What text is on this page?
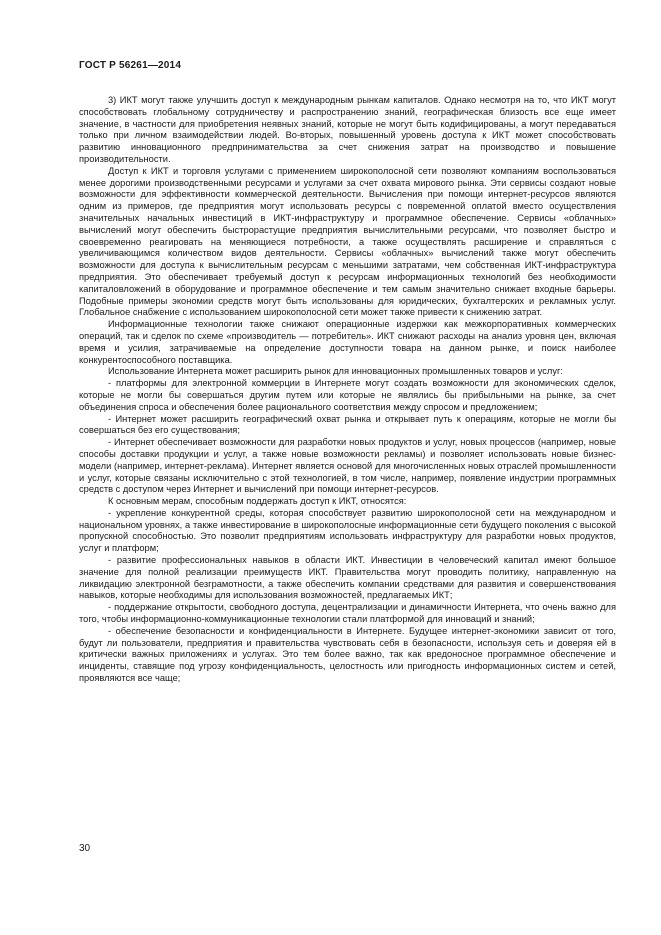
ГОСТ Р 56261—2014

3) ИКТ могут также улучшить доступ к международным рынкам капиталов. Однако несмотря на то, что ИКТ могут способствовать глобальному сотрудничеству и распространению знаний, географическая близость все еще имеет значение, в частности для приобретения неявных знаний, которые не могут быть кодифицированы, а могут передаваться только при личном взаимодействии людей. Во-вторых, повышенный уровень доступа к ИКТ может способствовать развитию инновационного предпринимательства за счет снижения затрат на производство и повышение производительности.

Доступ к ИКТ и торговля услугами с применением широкополосной сети позволяют компаниям воспользоваться менее дорогими производственными ресурсами и услугами за счет охвата мирового рынка. Эти сервисы создают новые возможности для эффективности коммерческой деятельности. Вычисления при помощи интернет-ресурсов являются одним из примеров, где предприятия могут использовать ресурсы с повременной оплатой вместо осуществления значительных начальных инвестиций в ИКТ-инфраструктуру и программное обеспечение. Сервисы «облачных» вычислений могут обеспечить быстрорастущие предприятия вычислительными ресурсами, что позволяет быстро и своевременно реагировать на меняющиеся потребности, а также осуществлять расширение и справляться с увеличивающимся количеством видов деятельности. Сервисы «облачных» вычислений также могут обеспечить возможности для доступа к вычислительным ресурсам с меньшими затратами, чем собственная ИКТ-инфраструктура предприятия. Это обеспечивает требуемый доступ к ресурсам информационных технологий без необходимости капиталовложений в оборудование и программное обеспечение и тем самым значительно снижает входные барьеры. Подобные примеры экономии средств могут быть использованы для юридических, бухгалтерских и рекламных услуг. Глобальное снабжение с использованием широкополосной сети может также привести к снижению затрат.

Информационные технологии также снижают операционные издержки как межкорпоративных коммерческих операций, так и сделок по схеме «производитель — потребитель». ИКТ снижают расходы на анализ уровня цен, включая время и усилия, затрачиваемые на определение доступности товара на данном рынке, и поиск наиболее конкурентоспособного поставщика.

Использование Интернета может расширить рынок для инновационных промышленных товаров и услуг:

- платформы для электронной коммерции в Интернете могут создать возможности для экономических сделок, которые не могли бы совершаться другим путем или которые не являлись бы прибыльными на рынке, за счет объединения спроса и обеспечения более рационального соответствия между спросом и предложением;

- Интернет может расширить географический охват рынка и открывает путь к операциям, которые не могли бы совершаться без его существования;

- Интернет обеспечивает возможности для разработки новых продуктов и услуг, новых процессов (например, новые способы доставки продукции и услуг, а также новые возможности рекламы) и позволяет использовать новые бизнес-модели (например, интернет-реклама). Интернет является основой для многочисленных новых отраслей промышленности и услуг, которые связаны исключительно с этой технологией, в том числе, например, появление индустрии программных средств с доступом через Интернет и вычислений при помощи интернет-ресурсов.

К основным мерам, способным поддержать доступ к ИКТ, относятся:

- укрепление конкурентной среды, которая способствует развитию широкополосной сети на международном и национальном уровнях, а также инвестирование в широкополосные информационные сети будущего поколения с высокой пропускной способностью. Это позволит предприятиям использовать инфраструктуру для разработки новых продуктов, услуг и платформ;

- развитие профессиональных навыков в области ИКТ. Инвестиции в человеческий капитал имеют большое значение для полной реализации преимуществ ИКТ. Правительства могут проводить политику, направленную на ликвидацию электронной безграмотности, а также обеспечить компании средствами для развития и совершенствования навыков, которые необходимы для использования возможностей, предлагаемых ИКТ;

- поддержание открытости, свободного доступа, децентрализации и динамичности Интернета, что очень важно для того, чтобы информационно-коммуникационные технологии стали платформой для инноваций и знаний;

- обеспечение безопасности и конфиденциальности в Интернете. Будущее интернет-экономики зависит от того, будут ли пользователи, предприятия и правительства чувствовать себя в безопасности, используя сеть и доверяя ей в критически важных приложениях и услугах. Это тем более важно, так как вредоносное программное обеспечение и инциденты, ставящие под угрозу конфиденциальность, целостность или пригодность информационных систем и сетей, проявляются все чаще;

30
